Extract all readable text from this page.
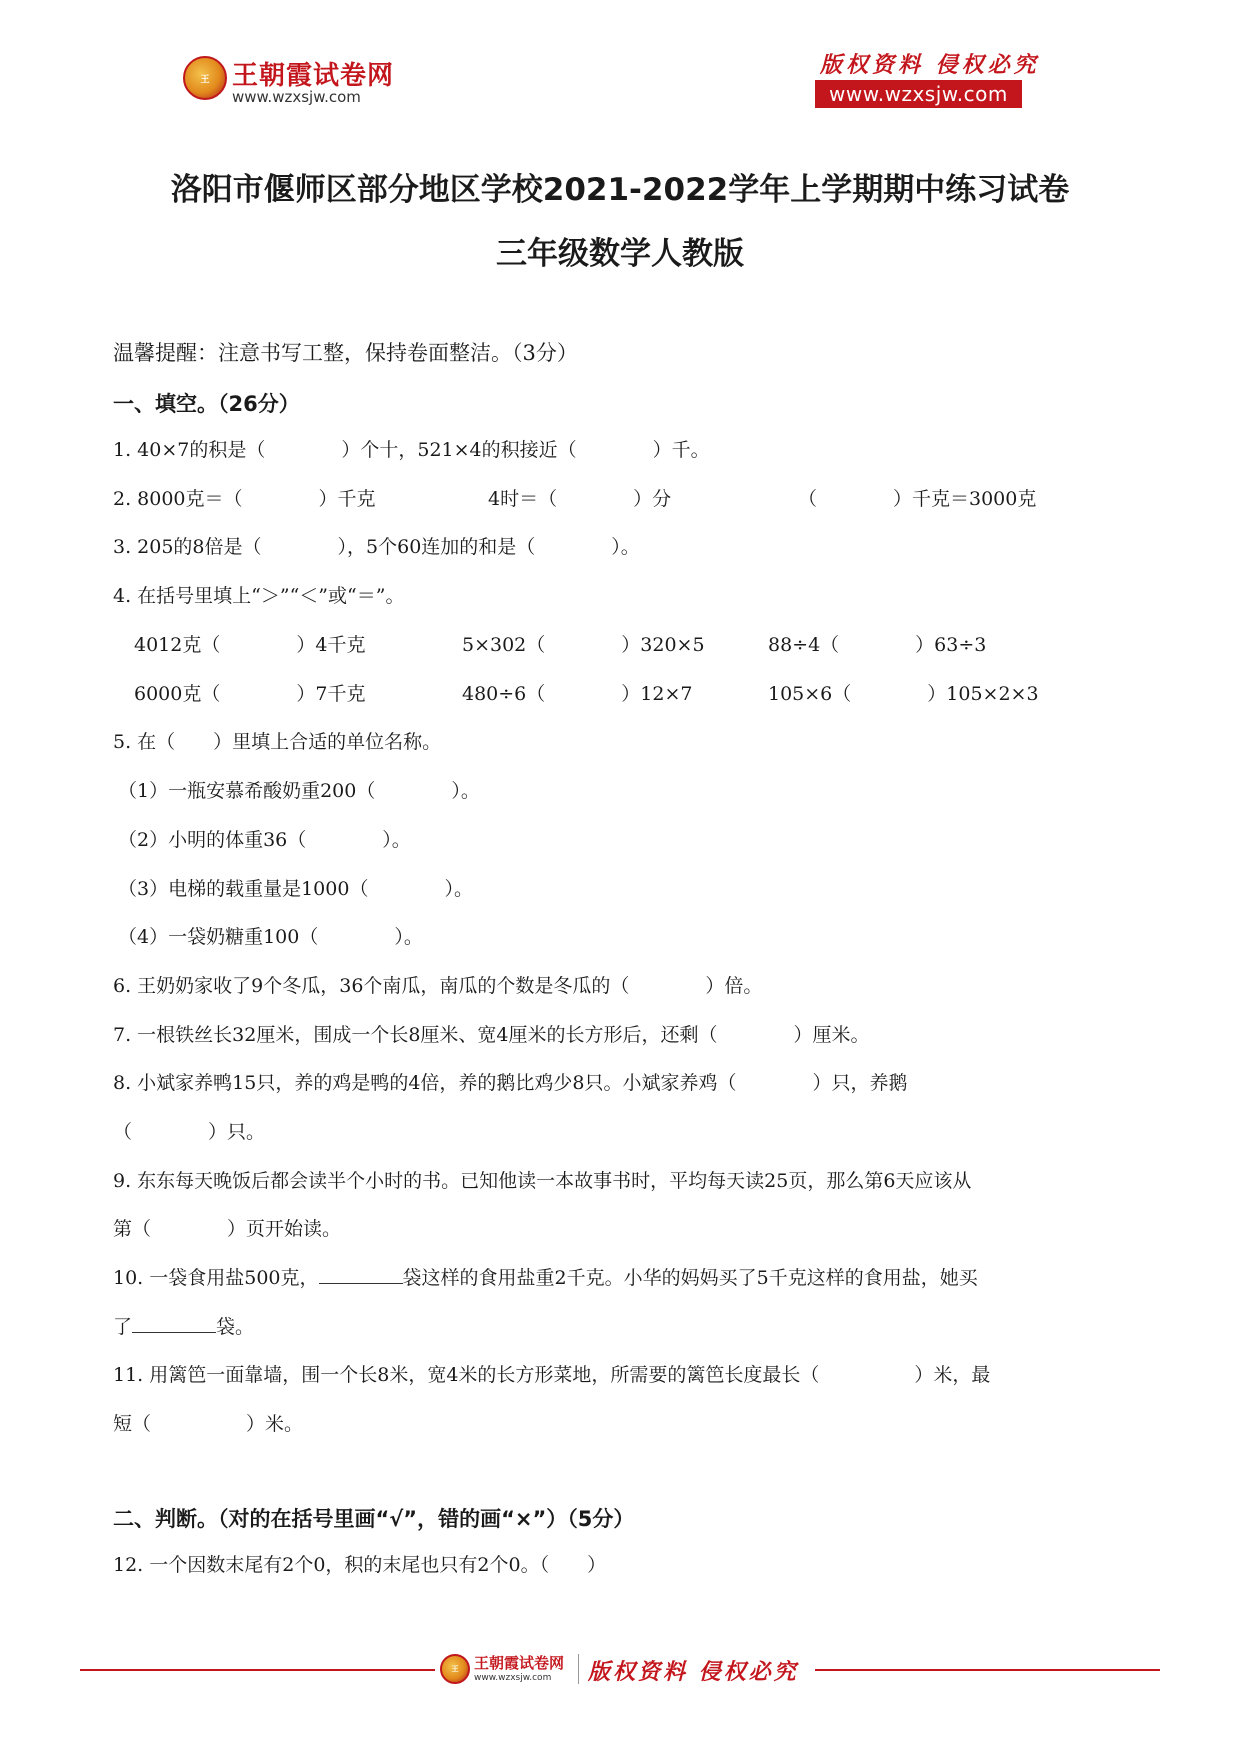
王 王朝霞试卷网
www.wzxsjw.com
版权资料 侵权必究
www.wzxsjw.com
洛阳市偃师区部分地区学校2021-2022学年上学期期中练习试卷
三年级数学人教版
温馨提醒：注意书写工整，保持卷面整洁。（3分）
一、填空。（26分）
1. 40×7的积是（　　　　）个十，521×4的积接近（　　　　）千。
2. 8000克＝（　　　　）千克	4时＝（　　　　）分	（　　　　）千克＝3000克
3. 205的8倍是（　　　　），5个60连加的和是（　　　　）。
4. 在括号里填上“＞”“＜”或“＝”。
4012克（　　　　）4千克	5×302（　　　　）320×5	88÷4（　　　　）63÷3
6000克（　　　　）7千克	480÷6（　　　　）12×7	105×6（　　　　）105×2×3
5. 在（　　）里填上合适的单位名称。
（1）一瓶安慕希酸奶重200（　　　　）。
（2）小明的体重36（　　　　）。
（3）电梯的载重量是1000（　　　　）。
（4）一袋奶糖重100（　　　　）。
6. 王奶奶家收了9个冬瓜，36个南瓜，南瓜的个数是冬瓜的（　　　　）倍。
7. 一根铁丝长32厘米，围成一个长8厘米、宽4厘米的长方形后，还剩（　　　　）厘米。
8. 小斌家养鸭15只，养的鸡是鸭的4倍，养的鹅比鸡少8只。小斌家养鸡（　　　　）只，养鹅
（　　　　）只。
9. 东东每天晚饭后都会读半个小时的书。已知他读一本故事书时，平均每天读25页，那么第6天应该从
第（　　　　）页开始读。
10. 一袋食用盐500克，	袋这样的食用盐重2千克。小华的妈妈买了5千克这样的食用盐，她买
了	袋。
11. 用篱笆一面靠墙，围一个长8米，宽4米的长方形菜地，所需要的篱笆长度最长（　　　　　）米，最
短（　　　　　）米。
二、判断。（对的在括号里画“√”，错的画“×”）（5分）
12. 一个因数末尾有2个0，积的末尾也只有2个0。（　　）
王	王朝霞试卷网
www.wzxsjw.com 版权资料 侵权必究
